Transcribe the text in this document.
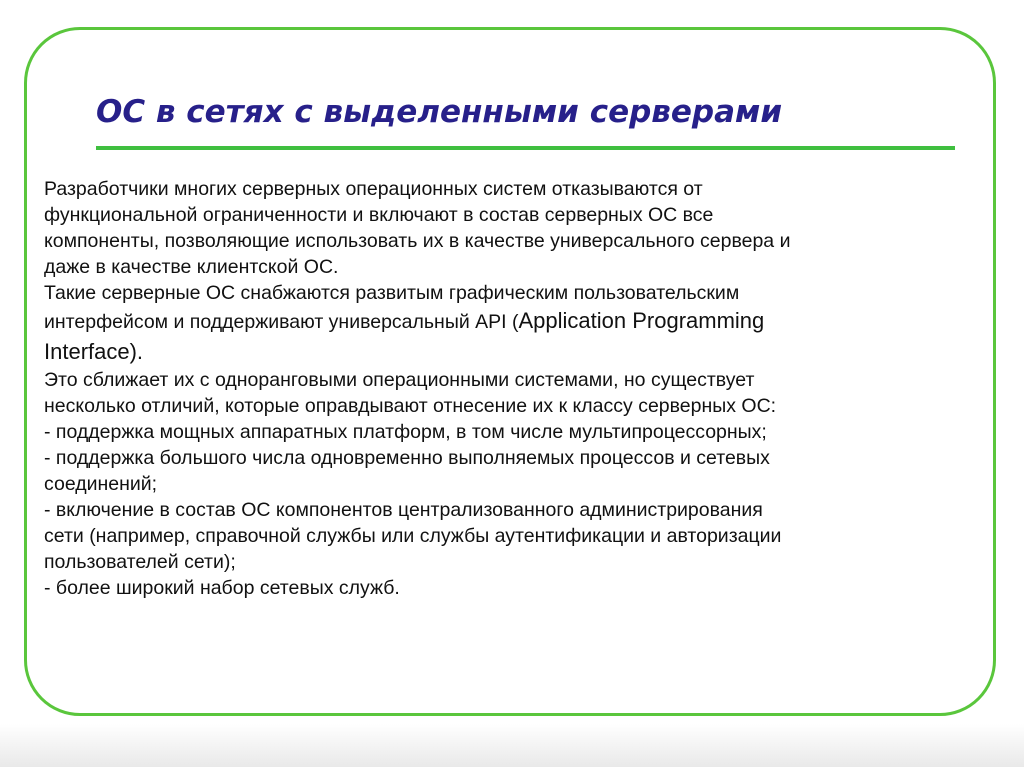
ОС в сетях с выделенными серверами

Разработчики многих серверных операционных систем отказываются от

функциональной ограниченности и включают в состав серверных ОС все

компоненты, позволяющие использовать их в качестве универсального сервера и

даже в качестве клиентской ОС.

Такие серверные ОС снабжаются развитым графическим пользовательским

интерфейсом и поддерживают универсальный API (Application Programming

Interface).

Это сближает их с одноранговыми операционными системами, но существует

несколько отличий, которые оправдывают отнесение их к классу серверных ОС:

- поддержка мощных аппаратных платформ, в том числе мультипроцессорных;

- поддержка большого числа одновременно выполняемых процессов и сетевых

соединений;

- включение в состав ОС компонентов централизованного администрирования

сети (например, справочной службы или службы аутентификации и авторизации

пользователей сети);

- более широкий набор сетевых служб.
